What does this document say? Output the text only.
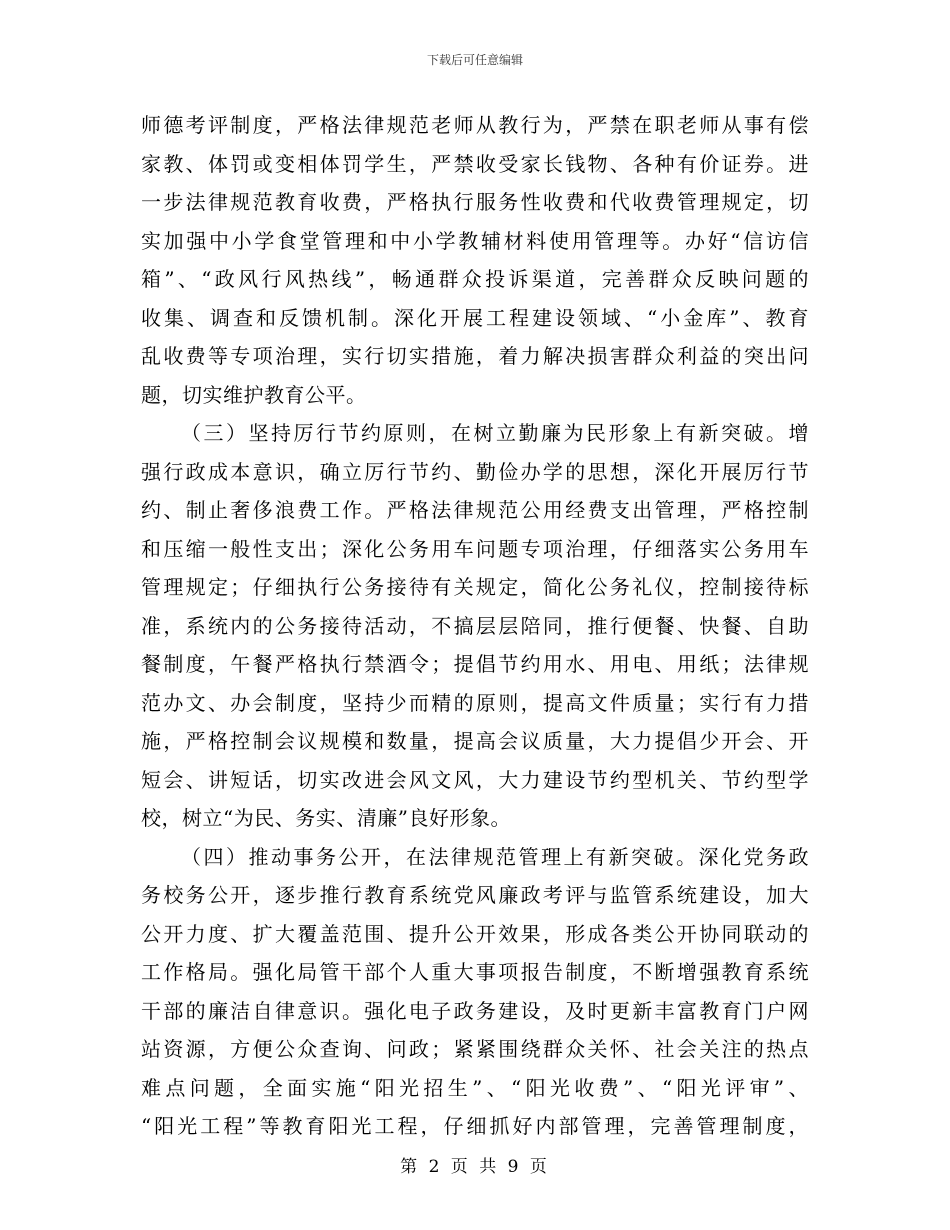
下载后可任意编辑
师德考评制度，严格法律规范老师从教行为，严禁在职老师从事有偿
家教、体罚或变相体罚学生，严禁收受家长钱物、各种有价证券。进
一步法律规范教育收费，严格执行服务性收费和代收费管理规定，切
实加强中小学食堂管理和中小学教辅材料使用管理等。办好“信访信
箱”、“政风行风热线”，畅通群众投诉渠道，完善群众反映问题的
收集、调查和反馈机制。深化开展工程建设领域、“小金库”、教育
乱收费等专项治理，实行切实措施，着力解决损害群众利益的突出问
题，切实维护教育公平。
（三）坚持厉行节约原则，在树立勤廉为民形象上有新突破。增
强行政成本意识，确立厉行节约、勤俭办学的思想，深化开展厉行节
约、制止奢侈浪费工作。严格法律规范公用经费支出管理，严格控制
和压缩一般性支出；深化公务用车问题专项治理，仔细落实公务用车
管理规定；仔细执行公务接待有关规定，简化公务礼仪，控制接待标
准，系统内的公务接待活动，不搞层层陪同，推行便餐、快餐、自助
餐制度，午餐严格执行禁酒令；提倡节约用水、用电、用纸；法律规
范办文、办会制度，坚持少而精的原则，提高文件质量；实行有力措
施，严格控制会议规模和数量，提高会议质量，大力提倡少开会、开
短会、讲短话，切实改进会风文风，大力建设节约型机关、节约型学
校，树立“为民、务实、清廉”良好形象。
（四）推动事务公开，在法律规范管理上有新突破。深化党务政
务校务公开，逐步推行教育系统党风廉政考评与监管系统建设，加大
公开力度、扩大覆盖范围、提升公开效果，形成各类公开协同联动的
工作格局。强化局管干部个人重大事项报告制度，不断增强教育系统
干部的廉洁自律意识。强化电子政务建设，及时更新丰富教育门户网
站资源，方便公众查询、问政；紧紧围绕群众关怀、社会关注的热点
难点问题，全面实施“阳光招生”、“阳光收费”、“阳光评审”、
“阳光工程”等教育阳光工程，仔细抓好内部管理，完善管理制度，
第 2 页 共 9 页
